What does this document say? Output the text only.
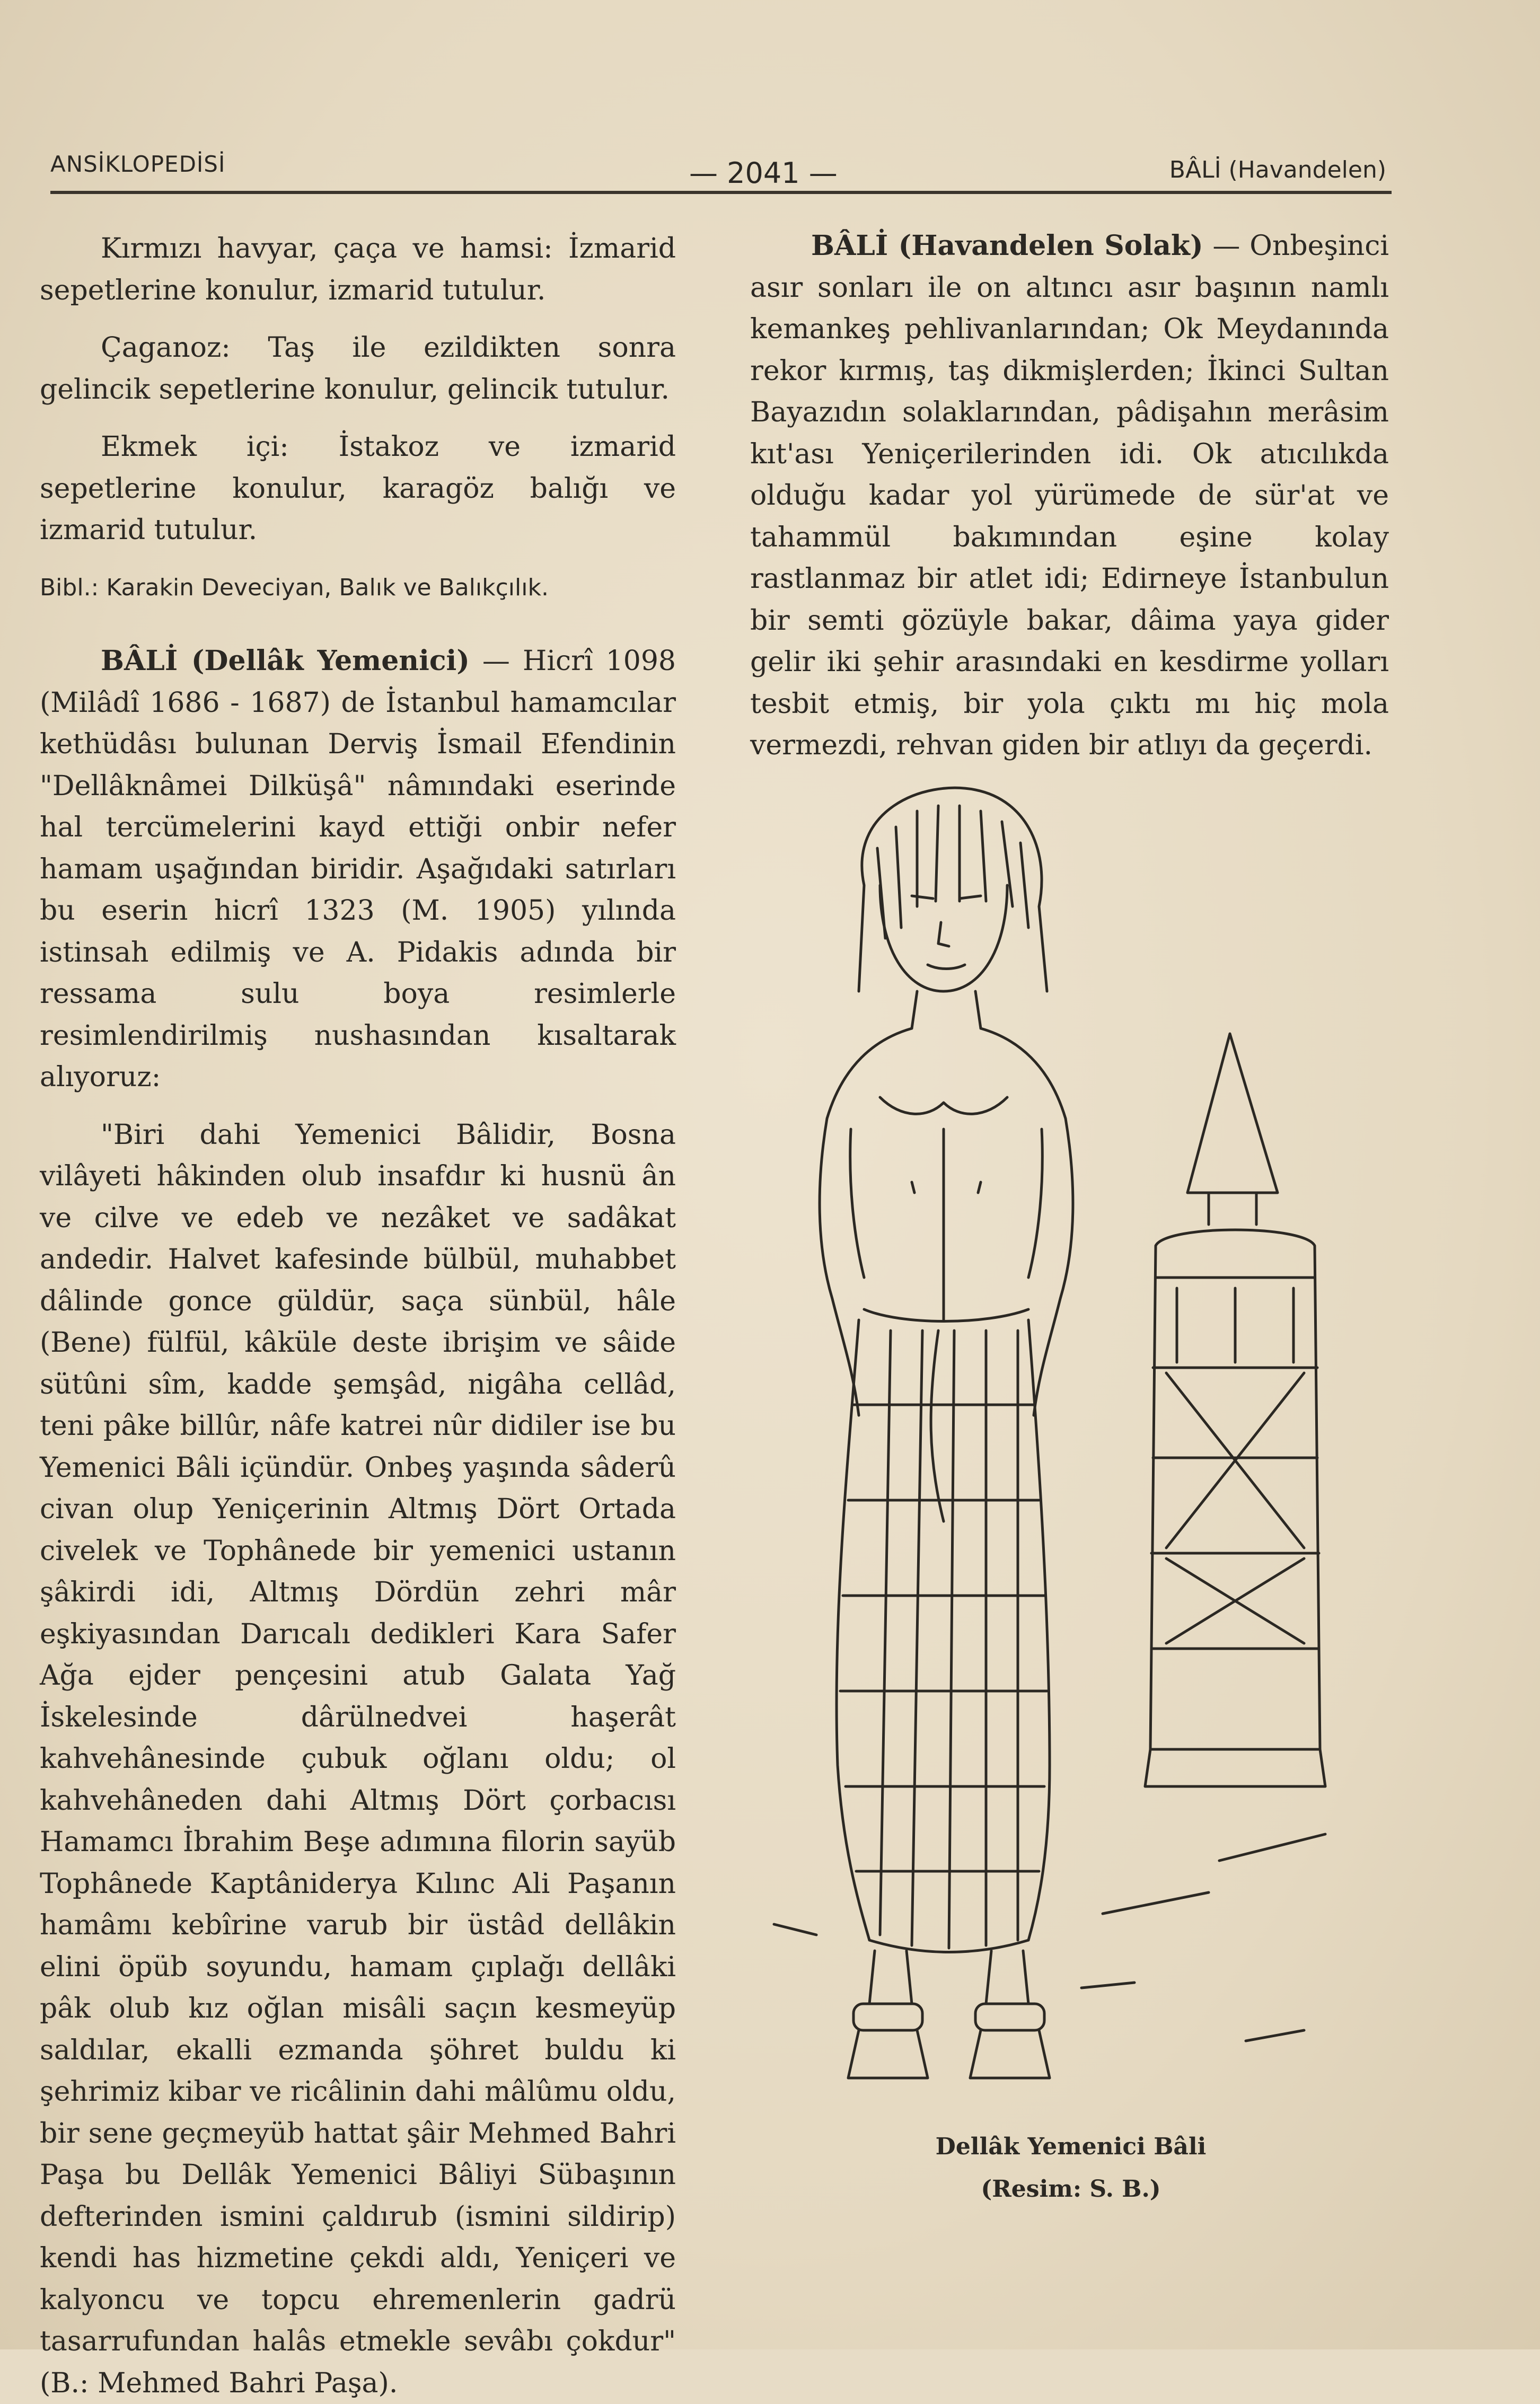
ANSİKLOPEDİSİ	— 2041 —	BÂLİ (Havandelen)

Kırmızı havyar, çaça ve hamsi: İzmarid sepetlerine konulur, izmarid tutulur.

Çaganoz: Taş ile ezildikten sonra gelincik sepetlerine konulur, gelincik tutulur.

Ekmek içi: İstakoz ve izmarid sepetlerine konulur, karagöz balığı ve izmarid tutulur.

Bibl.: Karakin Deveciyan, Balık ve Balıkçılık.

BÂLİ (Dellâk Yemenici) — Hicrî 1098 (Milâdî 1686 - 1687) de İstanbul hamamcılar kethüdâsı bulunan Derviş İsmail Efendinin "Dellâknâmei Dilküşâ" nâmındaki eserinde hal tercümelerini kayd ettiği onbir nefer hamam uşağından biridir. Aşağıdaki satırları bu eserin hicrî 1323 (M. 1905) yılında istinsah edilmiş ve A. Pidakis adında bir ressama sulu boya resimlerle resimlendirilmiş nushasından kısaltarak alıyoruz:

"Biri dahi Yemenici Bâlidir, Bosna vilâyeti hâkinden olub insafdır ki husnü ân ve cilve ve edeb ve nezâket ve sadâkat andedir. Halvet kafesinde bülbül, muhabbet dâlinde gonce güldür, saça sünbül, hâle (Bene) fülfül, kâküle deste ibrişim ve sâide sütûni sîm, kadde şemşâd, nigâha cellâd, teni pâke billûr, nâfe katrei nûr didiler ise bu Yemenici Bâli içündür. Onbeş yaşında sâderû civan olup Yeniçerinin Altmış Dört Ortada civelek ve Tophânede bir yemenici ustanın şâkirdi idi, Altmış Dördün zehri mâr eşkiyasından Darıcalı dedikleri Kara Safer Ağa ejder pençesini atub Galata Yağ İskelesinde dârülnedvei haşerât kahvehânesinde çubuk oğlanı oldu; ol kahvehâneden dahi Altmış Dört çorbacısı Hamamcı İbrahim Beşe adımına filorin sayüb Tophânede Kaptâniderya Kılınc Ali Paşanın hamâmı kebîrine varub bir üstâd dellâkin elini öpüb soyundu, hamam çıplağı dellâki pâk olub kız oğlan misâli saçın kesmeyüp saldılar, ekalli ezmanda şöhret buldu ki şehrimiz kibar ve ricâlinin dahi mâlûmu oldu, bir sene geçmeyüb hattat şâir Mehmed Bahri Paşa bu Dellâk Yemenici Bâliyi Sübaşının defterinden ismini çaldırub (ismini sildirip) kendi has hizmetine çekdi aldı, Yeniçeri ve kalyoncu ve topcu ehremenlerin gadrü tasarrufundan halâs etmekle sevâbı çokdur" (B.: Mehmed Bahri Paşa).

BÂLİ (Havandelen Solak) — Onbeşinci asır sonları ile on altıncı asır başının namlı kemankeş pehlivanlarından; Ok Meydanında rekor kırmış, taş dikmişlerden; İkinci Sultan Bayazıdın solaklarından, pâdişahın merâsim kıt'ası Yeniçerilerinden idi. Ok atıcılıkda olduğu kadar yol yürümede de sür'at ve tahammül bakımından eşine kolay rastlanmaz bir atlet idi; Edirneye İstanbulun bir semti gözüyle bakar, dâima yaya gider gelir iki şehir arasındaki en kesdirme yolları tesbit etmiş, bir yola çıktı mı hiç mola vermezdi, rehvan giden bir atlıyı da geçerdi.

Dellâk Yemenici Bâli
(Resim: S. B.)
